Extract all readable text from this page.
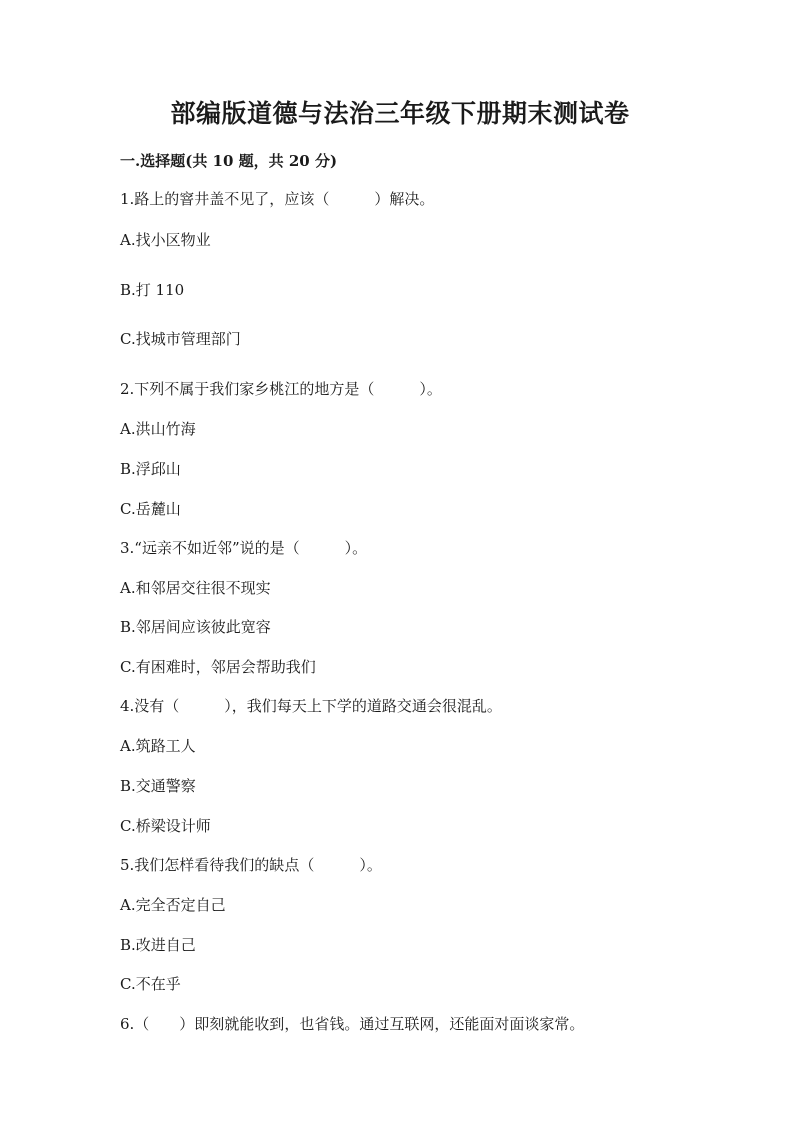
部编版道德与法治三年级下册期末测试卷
一.选择题(共 10 题，共 20 分)
1.路上的窨井盖不见了，应该（　　　）解决。
A.找小区物业
B.打 110
C.找城市管理部门
2.下列不属于我们家乡桃江的地方是（　　　）。
A.洪山竹海
B.浮邱山
C.岳麓山
3.“远亲不如近邻”说的是（　　　）。
A.和邻居交往很不现实
B.邻居间应该彼此宽容
C.有困难时，邻居会帮助我们
4.没有（　　　），我们每天上下学的道路交通会很混乱。
A.筑路工人
B.交通警察
C.桥梁设计师
5.我们怎样看待我们的缺点（　　　）。
A.完全否定自己
B.改进自己
C.不在乎
6.（　　）即刻就能收到，也省钱。通过互联网，还能面对面谈家常。
